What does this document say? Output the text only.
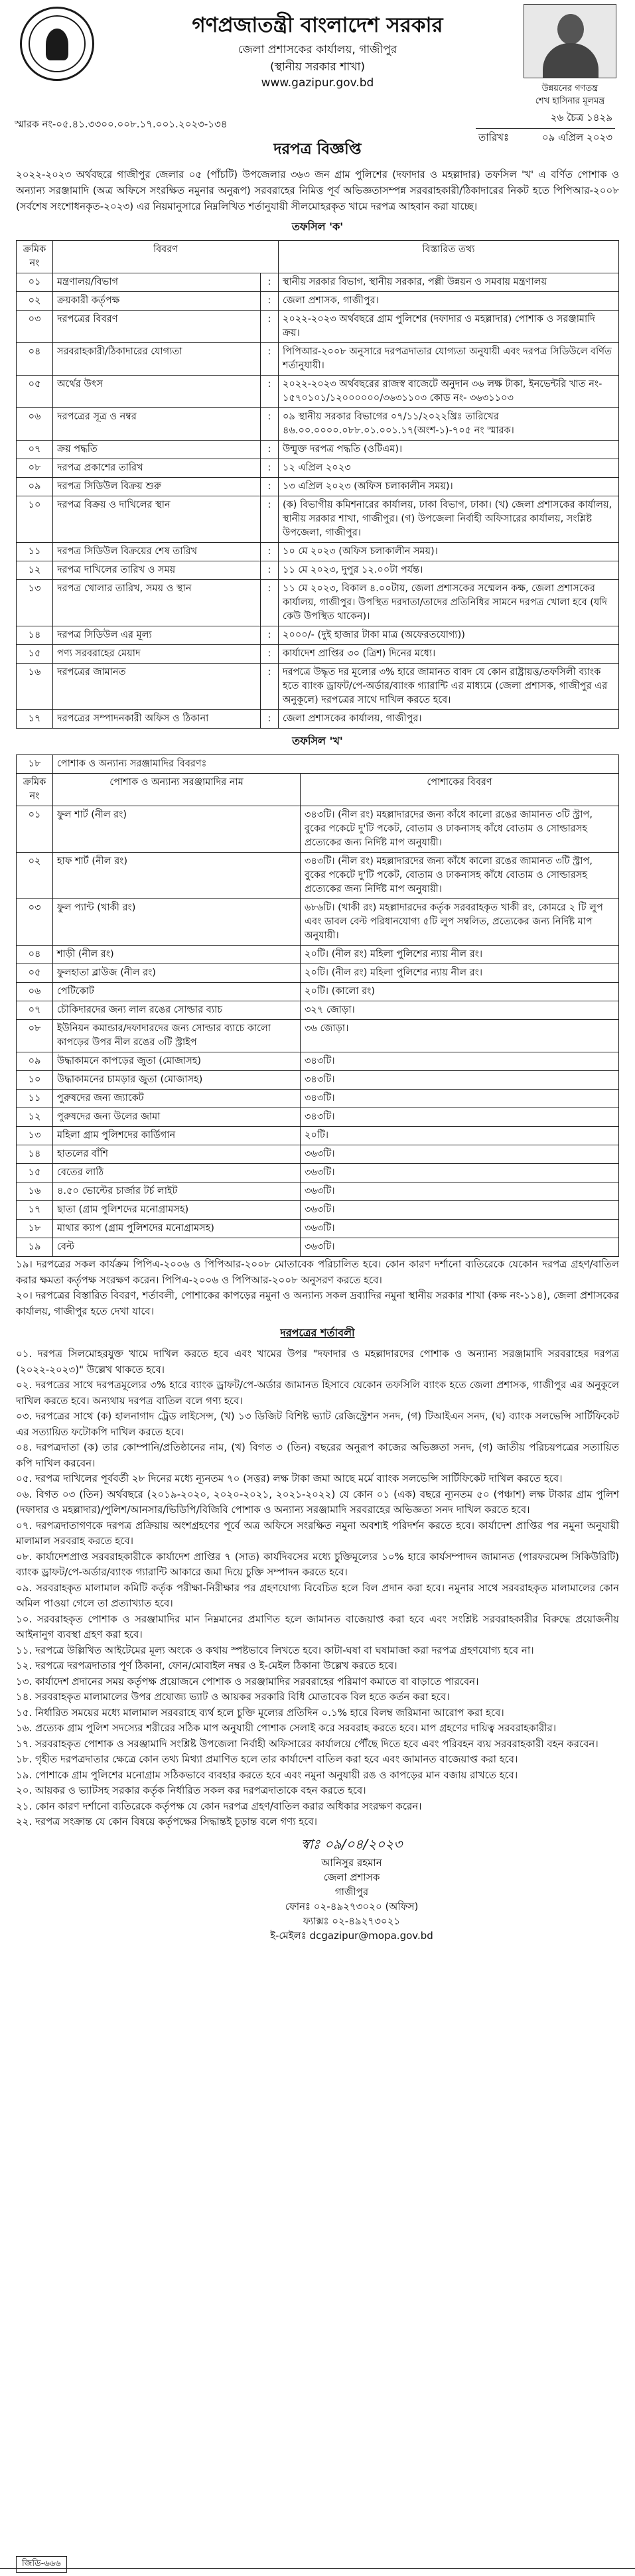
গণপ্রজাতন্ত্রী বাংলাদেশ সরকার
জেলা প্রশাসকের কার্যালয়, গাজীপুর
(স্থানীয় সরকার শাখা)
www.gazipur.gov.bd	উন্নয়নের গণতন্ত্র
শেখ হাসিনার মূলমন্ত্র
স্মারক নং-০৫.৪১.৩৩০০.০০৮.১৭.০০১.২০২৩-১৩৪
২৬ চৈত্র ১৪২৯
তারিখঃ	০৯ এপ্রিল ২০২৩
দরপত্র বিজ্ঞপ্তি

২০২২-২০২৩ অর্থবছরে গাজীপুর জেলার ০৫ (পাঁচটি) উপজেলার ৩৬৩ জন গ্রাম পুলিশের (দফাদার ও মহল্লাদার) তফসিল 'খ' এ বর্ণিত পোশাক ও অন্যান্য সরঞ্জামাদি (অত্র অফিসে সংরক্ষিত নমুনার অনুরূপ) সরবরাহের নিমিত্ত পূর্ব অভিজ্ঞতাসম্পন্ন সরবরাহকারী/ঠিকাদারের নিকট হতে পিপিআর-২০০৮ (সর্বশেষ সংশোধনকৃত-২০২৩) এর নিয়মানুসারে নিম্নলিখিত শর্তানুযায়ী সীলমোহরকৃত খামে দরপত্র আহবান করা যাচ্ছে।

তফসিল 'ক'
ক্রমিক নং	বিবরণ		বিস্তারিত তথ্য
০১	মন্ত্রণালয়/বিভাগ	:	স্থানীয় সরকার বিভাগ, স্থানীয় সরকার, পল্লী উন্নয়ন ও সমবায় মন্ত্রণালয়
০২	ক্রয়কারী কর্তৃপক্ষ	:	জেলা প্রশাসক, গাজীপুর।
০৩	দরপত্রের বিবরণ	:	২০২২-২০২৩ অর্থবছরে গ্রাম পুলিশের (দফাদার ও মহল্লাদার) পোশাক ও সরঞ্জামাদি ক্রয়।
০৪	সরবরাহকারী/ঠিকাদারের যোগ্যতা	:	পিপিআর-২০০৮ অনুসারে দরপত্রদাতার যোগ্যতা অনুযায়ী এবং দরপত্র সিডিউলে বর্ণিত শর্তানুযায়ী।
০৫	অর্থের উৎস	:	২০২২-২০২৩ অর্থবছরের রাজস্ব বাজেটে অনুদান ৩৬ লক্ষ টাকা, ইনভেন্টরি খাত নং- ১৫৭০১০১/১২০০০০০০/৩৬৩১১০৩ কোড নং- ৩৬৩১১০৩
০৬	দরপত্রের সূত্র ও নম্বর	:	০৯ স্থানীয় সরকার বিভাগের ০৭/১১/২০২২খ্রিঃ তারিখের ৪৬.০০.০০০০.০৮৮.০১.০০১.১৭(অংশ-১)-৭০৫ নং স্মারক।
০৭	ক্রয় পদ্ধতি	:	উন্মুক্ত দরপত্র পদ্ধতি (ওটিএম)।
০৮	দরপত্র প্রকাশের তারিখ	:	১২ এপ্রিল ২০২৩
০৯	দরপত্র সিডিউল বিক্রয় শুরু	:	১৩ এপ্রিল ২০২৩ (অফিস চলাকালীন সময়)।
১০	দরপত্র বিক্রয় ও দাখিলের স্থান	:	(ক) বিভাগীয় কমিশনারের কার্যালয়, ঢাকা বিভাগ, ঢাকা। (খ) জেলা প্রশাসকের কার্যালয়, স্থানীয় সরকার শাখা, গাজীপুর। (গ) উপজেলা নির্বাহী অফিসারের কার্যালয়, সংশ্লিষ্ট উপজেলা, গাজীপুর।
১১	দরপত্র সিডিউল বিক্রয়ের শেষ তারিখ	:	১০ মে ২০২৩ (অফিস চলাকালীন সময়)।
১২	দরপত্র দাখিলের তারিখ ও সময়	:	১১ মে ২০২৩, দুপুর ১২.০০টা পর্যন্ত।
১৩	দরপত্র খোলার তারিখ, সময় ও স্থান	:	১১ মে ২০২৩, বিকাল ৪.০০টায়, জেলা প্রশাসকের সম্মেলন কক্ষ, জেলা প্রশাসকের কার্যালয়, গাজীপুর। উপস্থিত দরদাতা/তাদের প্রতিনিধির সামনে দরপত্র খোলা হবে (যদি কেউ উপস্থিত থাকেন)।
১৪	দরপত্র সিডিউল এর মূল্য	:	২০০০/- (দুই হাজার টাকা মাত্র (অফেরতযোগ্য))
১৫	পণ্য সরবরাহের মেয়াদ	:	কার্যাদেশ প্রাপ্তির ৩০ (ত্রিশ) দিনের মধ্যে।
১৬	দরপত্রের জামানত	:	দরপত্রে উদ্ধৃত দর মূল্যের ৩% হারে জামানত বাবদ যে কোন রাষ্ট্রায়ত্ত/তফসিলী ব্যাংক হতে ব্যাংক ড্রাফট/পে-অর্ডার/ব্যাংক গ্যারান্টি এর মাধ্যমে (জেলা প্রশাসক, গাজীপুর এর অনুকূলে) দরপত্রের সাথে দাখিল করতে হবে।
১৭	দরপত্রের সম্পাদনকারী অফিস ও ঠিকানা	:	জেলা প্রশাসকের কার্যালয়, গাজীপুর।
তফসিল 'খ'
১৮	পোশাক ও অন্যান্য সরঞ্জামাদির বিবরণঃ	
ক্রমিক নং	পোশাক ও অন্যান্য সরঞ্জামাদির নাম	পোশাকের বিবরণ
০১	ফুল শার্ট (নীল রং)	৩৪৩টি। (নীল রং) মহল্লাদারদের জন্য কাঁধে কালো রঙের জামানত ৩টি স্ট্রাপ, বুকের পকেটে দু'টি পকেট, বোতাম ও ঢাকনাসহ কাঁধে বোতাম ও সোল্ডারসহ প্রত্যেকের জন্য নির্দিষ্ট মাপ অনুযায়ী।
০২	হাফ শার্ট (নীল রং)	৩৪৩টি। (নীল রং) মহল্লাদারদের জন্য কাঁধে কালো রঙের জামানত ৩টি স্ট্রাপ, বুকের পকেটে দু'টি পকেট, বোতাম ও ঢাকনাসহ কাঁধে বোতাম ও সোল্ডারসহ প্রত্যেকের জন্য নির্দিষ্ট মাপ অনুযায়ী।
০৩	ফুল প্যান্ট (খাকী রং)	৬৮৬টি। (খাকী রং) মহল্লাদারদের কর্তৃক সরবরাহকৃত খাকী রং, কোমরে ২ টি লুপ এবং ডাবল বেল্ট পরিধানযোগ্য ৫টি লুপ সম্বলিত, প্রত্যেকের জন্য নির্দিষ্ট মাপ অনুযায়ী।
০৪	শাড়ী (নীল রং)	২০টি। (নীল রং) মহিলা পুলিশের ন্যায় নীল রং।
০৫	ফুলহাতা ব্লাউজ (নীল রং)	২০টি। (নীল রং) মহিলা পুলিশের ন্যায় নীল রং।
০৬	পেটিকোট	২০টি। (কালো রং)
০৭	চৌকিদারদের জন্য লাল রঙের সোল্ডার ব্যাচ	৩২৭ জোড়া।
০৮	ইউনিয়ন কমান্ডার/দফাদারদের জন্য সোল্ডার ব্যাচে কালো কাপড়ের উপর নীল রঙের ৩টি স্ট্রাইপ	৩৬ জোড়া।
০৯	উদ্ধাকামনে কাপড়ের জুতা (মোজাসহ)	৩৪৩টি।
১০	উদ্ধাকামনের চামড়ার জুতা (মোজাসহ)	৩৪৩টি।
১১	পুরুষদের জন্য জ্যাকেট	৩৪৩টি।
১২	পুরুষদের জন্য উলের জামা	৩৪৩টি।
১৩	মহিলা গ্রাম পুলিশদের কার্ডিগান	২০টি।
১৪	হাতলের বাঁশি	৩৬৩টি।
১৫	বেতের লাঠি	৩৬৩টি।
১৬	৪.৫০ ভোল্টের চার্জার টর্চ লাইট	৩৬৩টি।
১৭	ছাতা (গ্রাম পুলিশদের মনোগ্রামসহ)	৩৬৩টি।
১৮	মাথার ক্যাপ (গ্রাম পুলিশদের মনোগ্রামসহ)	৩৬৩টি।
১৯	বেল্ট	৩৬৩টি।

১৯। দরপত্রের সকল কার্যক্রম পিপিএ-২০০৬ ও পিপিআর-২০০৮ মোতাবেক পরিচালিত হবে। কোন কারণ দর্শানো ব্যতিরেকে যেকোন দরপত্র গ্রহণ/বাতিল করার ক্ষমতা কর্তৃপক্ষ সংরক্ষণ করেন। পিপিএ-২০০৬ ও পিপিআর-২০০৮ অনুসরণ করতে হবে।

২০। দরপত্রের বিস্তারিত বিবরণ, শর্তাবলী, পোশাকের কাপড়ের নমুনা ও অন্যান্য সকল দ্রব্যাদির নমুনা স্থানীয় সরকার শাখা (কক্ষ নং-১১৪), জেলা প্রশাসকের কার্যালয়, গাজীপুর হতে দেখা যাবে।

দরপত্রের শর্তাবলী

০১. দরপত্র সিলমোহরযুক্ত খামে দাখিল করতে হবে এবং খামের উপর "দফাদার ও মহল্লাদারদের পোশাক ও অন্যান্য সরঞ্জামাদি সরবরাহের দরপত্র (২০২২-২০২৩)" উল্লেখ থাকতে হবে।

০২. দরপত্রের সাথে দরপত্রমূল্যের ৩% হারে ব্যাংক ড্রাফট/পে-অর্ডার জামানত হিসাবে যেকোন তফসিলি ব্যাংক হতে জেলা প্রশাসক, গাজীপুর এর অনুকূলে দাখিল করতে হবে। অন্যথায় দরপত্র বাতিল বলে গণ্য হবে।

০৩. দরপত্রের সাথে (ক) হালনাগাদ ট্রেড লাইসেন্স, (খ) ১৩ ডিজিট বিশিষ্ট ভ্যাট রেজিস্ট্রেশন সনদ, (গ) টিআইএন সনদ, (ঘ) ব্যাংক সলভেন্সি সার্টিফিকেট এর সত্যায়িত ফটোকপি দাখিল করতে হবে।

০৪. দরপত্রদাতা (ক) তার কোম্পানি/প্রতিষ্ঠানের নাম, (খ) বিগত ৩ (তিন) বছরের অনুরূপ কাজের অভিজ্ঞতা সনদ, (গ) জাতীয় পরিচয়পত্রের সত্যায়িত কপি দাখিল করবেন।

০৫. দরপত্র দাখিলের পূর্ববর্তী ২৮ দিনের মধ্যে ন্যূনতম ৭০ (সত্তর) লক্ষ টাকা জমা আছে মর্মে ব্যাংক সলভেন্সি সার্টিফিকেট দাখিল করতে হবে।

০৬. বিগত ০৩ (তিন) অর্থবছরে (২০১৯-২০২০, ২০২০-২০২১, ২০২১-২০২২) যে কোন ০১ (এক) বছরে ন্যূনতম ৫০ (পঞ্চাশ) লক্ষ টাকার গ্রাম পুলিশ (দফাদার ও মহল্লাদার)/পুলিশ/আনসার/ভিডিপি/বিজিবি পোশাক ও অন্যান্য সরঞ্জামাদি সরবরাহের অভিজ্ঞতা সনদ দাখিল করতে হবে।

০৭. দরপত্রদাতাগণকে দরপত্র প্রক্রিয়ায় অংশগ্রহণের পূর্বে অত্র অফিসে সংরক্ষিত নমুনা অবশ্যই পরিদর্শন করতে হবে। কার্যাদেশ প্রাপ্তির পর নমুনা অনুযায়ী মালামাল সরবরাহ করতে হবে।

০৮. কার্যাদেশপ্রাপ্ত সরবরাহকারীকে কার্যাদেশ প্রাপ্তির ৭ (সাত) কার্যদিবসের মধ্যে চুক্তিমূল্যের ১০% হারে কার্যসম্পাদন জামানত (পারফরমেন্স সিকিউরিটি) ব্যাংক ড্রাফট/পে-অর্ডার/ব্যাংক গ্যারান্টি আকারে জমা দিয়ে চুক্তি সম্পাদন করতে হবে।

০৯. সরবরাহকৃত মালামাল কমিটি কর্তৃক পরীক্ষা-নিরীক্ষার পর গ্রহণযোগ্য বিবেচিত হলে বিল প্রদান করা হবে। নমুনার সাথে সরবরাহকৃত মালামালের কোন অমিল পাওয়া গেলে তা প্রত্যাখ্যাত হবে।

১০. সরবরাহকৃত পোশাক ও সরঞ্জামাদির মান নিম্নমানের প্রমাণিত হলে জামানত বাজেয়াপ্ত করা হবে এবং সংশ্লিষ্ট সরবরাহকারীর বিরুদ্ধে প্রয়োজনীয় আইনানুগ ব্যবস্থা গ্রহণ করা হবে।

১১. দরপত্রে উল্লিখিত আইটেমের মূল্য অংকে ও কথায় স্পষ্টভাবে লিখতে হবে। কাটা-ঘষা বা ঘষামাজা করা দরপত্র গ্রহণযোগ্য হবে না।

১২. দরপত্রে দরপত্রদাতার পূর্ণ ঠিকানা, ফোন/মোবাইল নম্বর ও ই-মেইল ঠিকানা উল্লেখ করতে হবে।

১৩. কার্যাদেশ প্রদানের সময় কর্তৃপক্ষ প্রয়োজনে পোশাক ও সরঞ্জামাদির সরবরাহের পরিমাণ কমাতে বা বাড়াতে পারবেন।

১৪. সরবরাহকৃত মালামালের উপর প্রযোজ্য ভ্যাট ও আয়কর সরকারি বিধি মোতাবেক বিল হতে কর্তন করা হবে।

১৫. নির্ধারিত সময়ের মধ্যে মালামাল সরবরাহে ব্যর্থ হলে চুক্তি মূল্যের প্রতিদিন ০.১% হারে বিলম্ব জরিমানা আরোপ করা হবে।

১৬. প্রত্যেক গ্রাম পুলিশ সদস্যের শরীরের সঠিক মাপ অনুযায়ী পোশাক সেলাই করে সরবরাহ করতে হবে। মাপ গ্রহণের দায়িত্ব সরবরাহকারীর।

১৭. সরবরাহকৃত পোশাক ও সরঞ্জামাদি সংশ্লিষ্ট উপজেলা নির্বাহী অফিসারের কার্যালয়ে পৌঁছে দিতে হবে এবং পরিবহন ব্যয় সরবরাহকারী বহন করবেন।

১৮. গৃহীত দরপত্রদাতার ক্ষেত্রে কোন তথ্য মিথ্যা প্রমাণিত হলে তার কার্যাদেশ বাতিল করা হবে এবং জামানত বাজেয়াপ্ত করা হবে।

১৯. পোশাকে গ্রাম পুলিশের মনোগ্রাম সঠিকভাবে ব্যবহার করতে হবে এবং নমুনা অনুযায়ী রঙ ও কাপড়ের মান বজায় রাখতে হবে।

২০. আয়কর ও ভ্যাটসহ সরকার কর্তৃক নির্ধারিত সকল কর দরপত্রদাতাকে বহন করতে হবে।

২১. কোন কারণ দর্শানো ব্যতিরেকে কর্তৃপক্ষ যে কোন দরপত্র গ্রহণ/বাতিল করার অধিকার সংরক্ষণ করেন।

২২. দরপত্র সংক্রান্ত যে কোন বিষয়ে কর্তৃপক্ষের সিদ্ধান্তই চূড়ান্ত বলে গণ্য হবে।

স্বাঃ ০৯/০৪/২০২৩
আনিসুর রহমান
জেলা প্রশাসক
গাজীপুর
ফোনঃ ০২-৪৯২৭৩০২০ (অফিস)
ফ্যাক্সঃ ০২-৪৯২৭৩০২১
ই-মেইলঃ dcgazipur@mopa.gov.bd
জিডি-৬৬৬
